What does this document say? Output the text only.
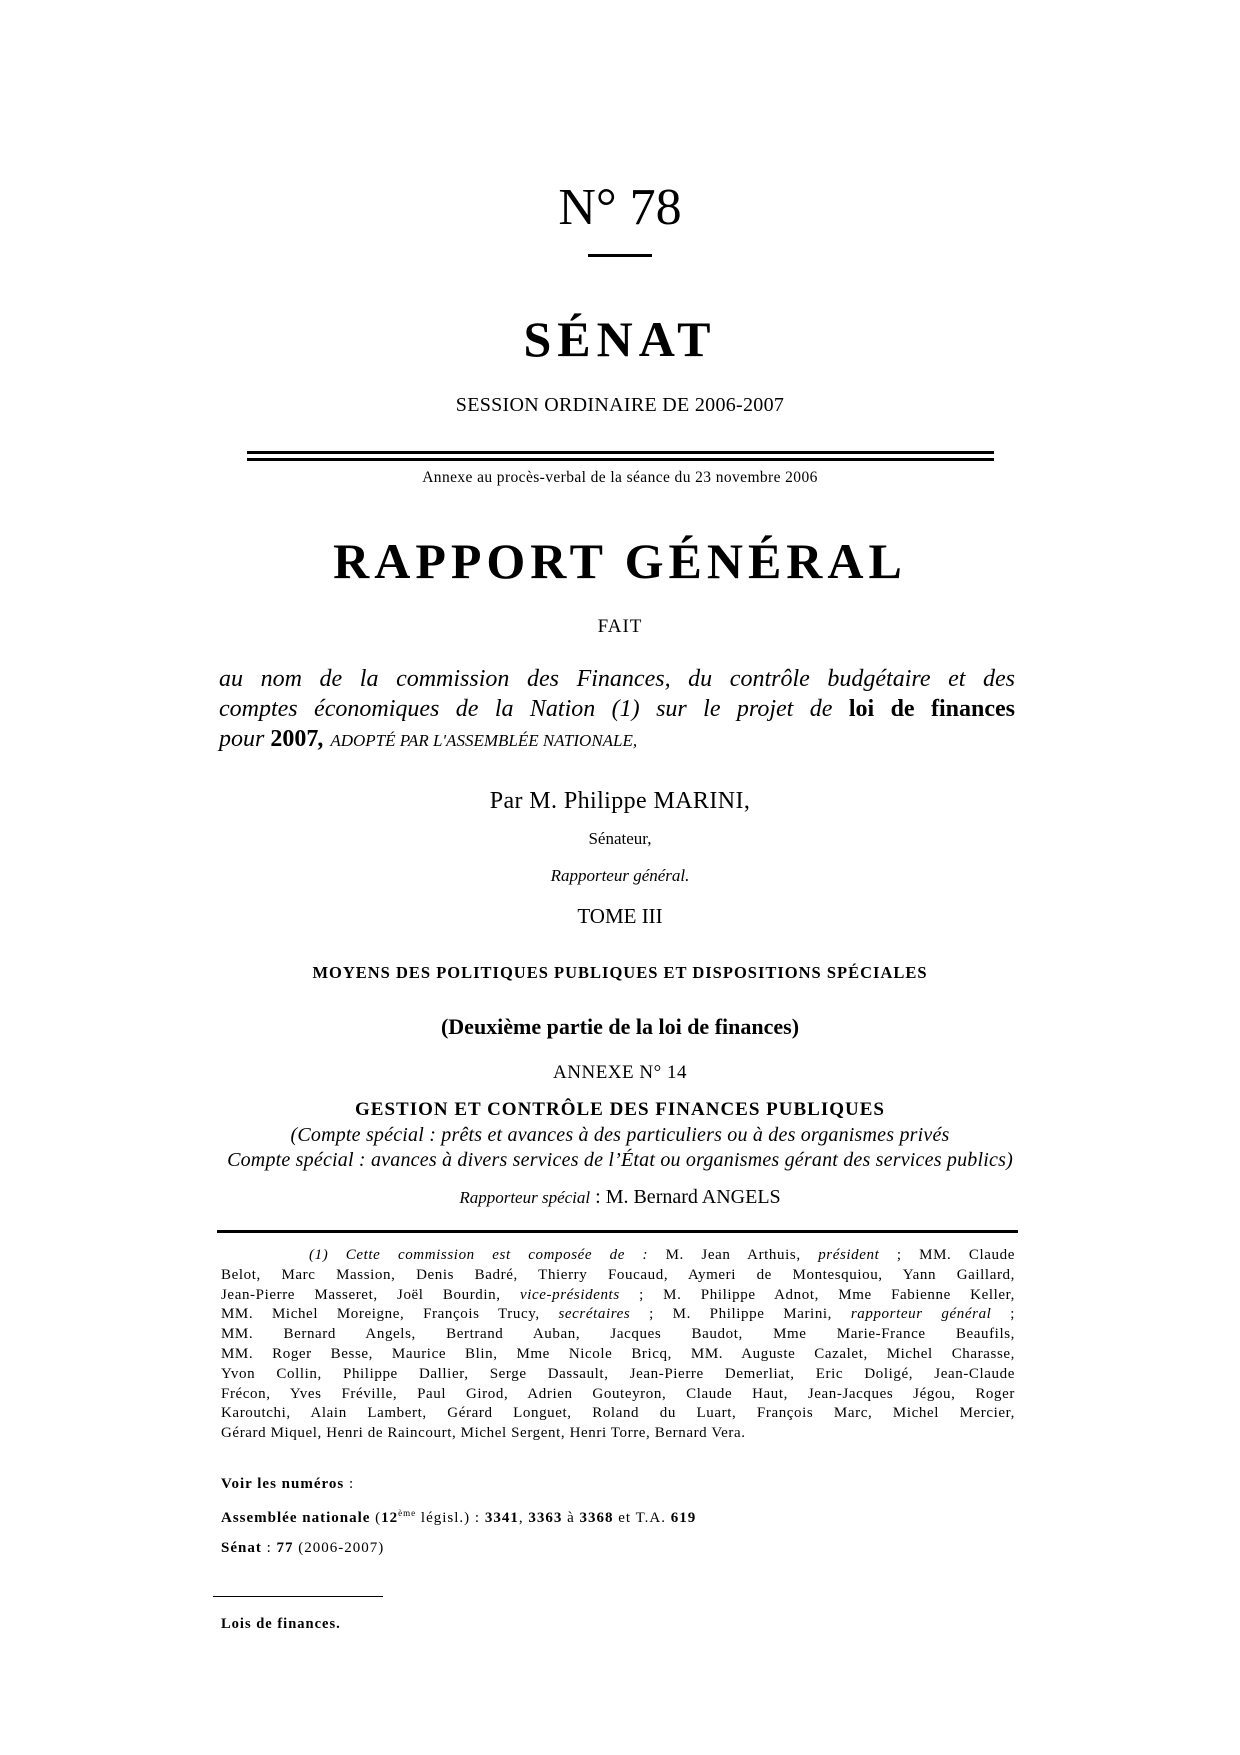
N° 78
SÉNAT
SESSION ORDINAIRE DE 2006-2007
Annexe au procès-verbal de la séance du 23 novembre 2006
RAPPORT GÉNÉRAL
FAIT
au nom de la commission des Finances, du contrôle budgétaire et des
comptes économiques de la Nation (1) sur le projet de loi de finances
pour 2007, ADOPTÉ PAR L'ASSEMBLÉE NATIONALE,
Par M. Philippe MARINI,
Sénateur,
Rapporteur général.
TOME III
MOYENS DES POLITIQUES PUBLIQUES ET DISPOSITIONS SPÉCIALES
(Deuxième partie de la loi de finances)
ANNEXE N° 14
GESTION ET CONTRÔLE DES FINANCES PUBLIQUES
(Compte spécial : prêts et avances à des particuliers ou à des organismes privés
Compte spécial : avances à divers services de l’État ou organismes gérant des services publics)
Rapporteur spécial : M. Bernard ANGELS
(1) Cette commission est composée de : M. Jean Arthuis, président ; MM. Claude
Belot, Marc Massion, Denis Badré, Thierry Foucaud, Aymeri de Montesquiou, Yann Gaillard,
Jean-Pierre Masseret, Joël Bourdin, vice-présidents ; M. Philippe Adnot, Mme Fabienne Keller,
MM. Michel Moreigne, François Trucy, secrétaires ; M. Philippe Marini, rapporteur général ;
MM. Bernard Angels, Bertrand Auban, Jacques Baudot, Mme Marie-France Beaufils,
MM. Roger Besse, Maurice Blin, Mme Nicole Bricq, MM. Auguste Cazalet, Michel Charasse,
Yvon Collin, Philippe Dallier, Serge Dassault, Jean-Pierre Demerliat, Eric Doligé, Jean-Claude
Frécon, Yves Fréville, Paul Girod, Adrien Gouteyron, Claude Haut, Jean-Jacques Jégou, Roger
Karoutchi, Alain Lambert, Gérard Longuet, Roland du Luart, François Marc, Michel Mercier,
Gérard Miquel, Henri de Raincourt, Michel Sergent, Henri Torre, Bernard Vera.
Voir les numéros :
Assemblée nationale (12ème législ.) : 3341, 3363 à 3368 et T.A. 619
Sénat : 77 (2006-2007)
Lois de finances.
